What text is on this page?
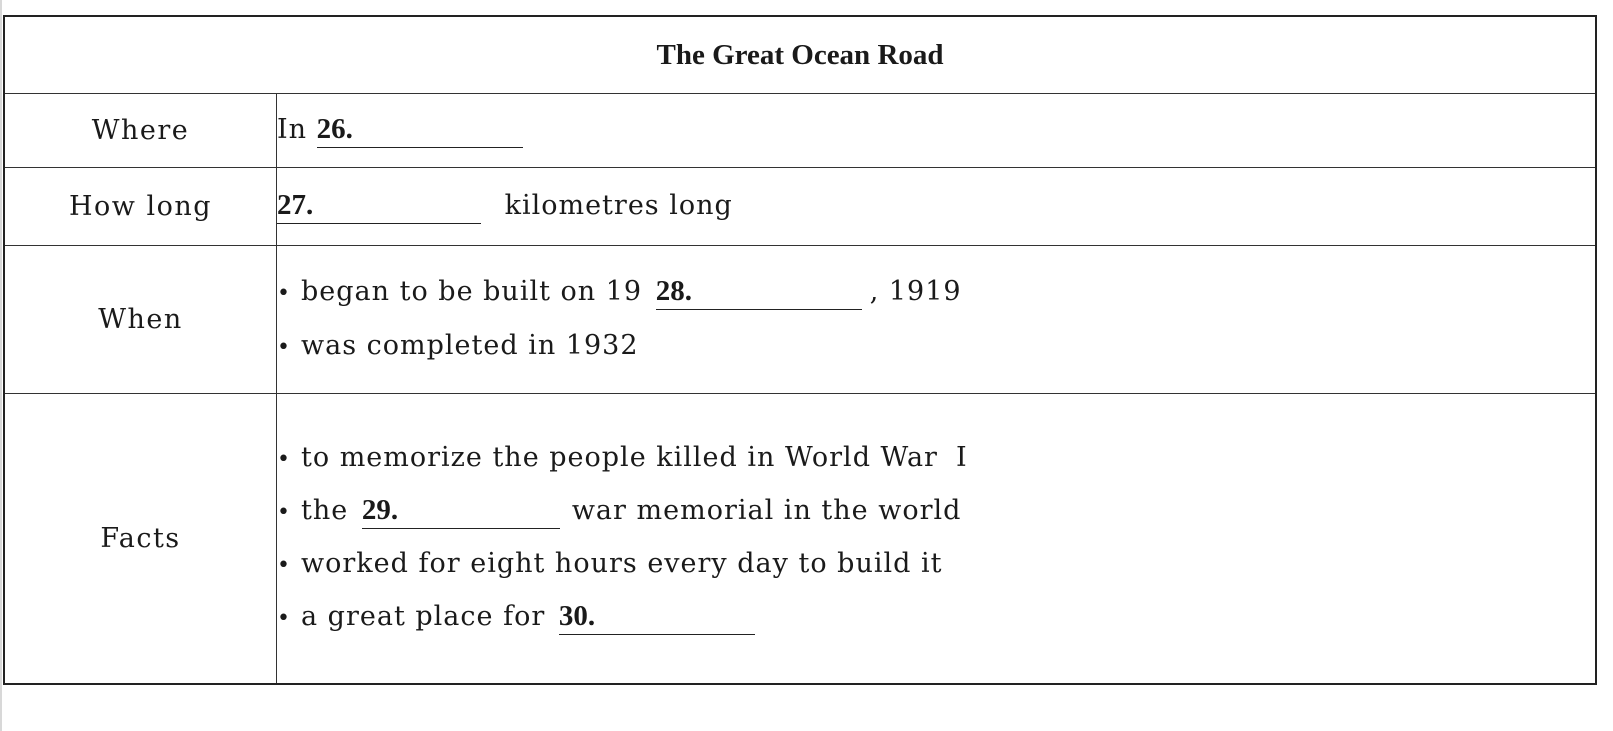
The Great Ocean Road	
Where	In 26.
How long	27. kilometres long
When	• began to be built on 19 28. , 1919
• was completed in 1932

Facts	• to memorize the people killed in World War Ⅰ
• the 29. war memorial in the world
• worked for eight hours every day to build it
• a great place for 30.
